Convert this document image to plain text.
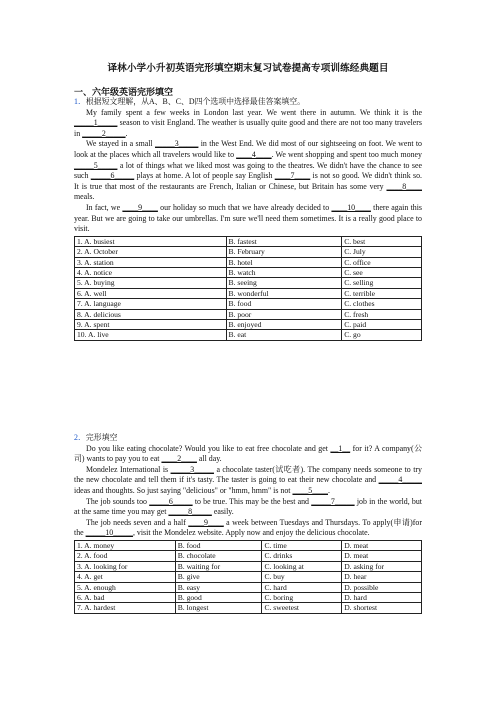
译林小学小升初英语完形填空期末复习试卷提高专项训练经典题目
一、六年级英语完形填空

1．根据短文理解，从A、B、C、D四个选项中选择最佳答案填空。

My family spent a few weeks in London last year. We went there in autumn. We think it is the _____1_____ season to visit England. The weather is usually quite good and there are not too many travelers in _____2_____.

We stayed in a small _____3_____ in the West End. We did most of our sightseeing on foot. We went to look at the places which all travelers would like to ____4____. We went shopping and spent too much money _____5_____ a lot of things what we liked most was going to the theatres. We didn't have the chance to see such _____6_____ plays at home. A lot of people say English ____7____ is not so good. We didn't think so. It is true that most of the restaurants are French, Italian or Chinese, but Britain has some very ____8____ meals.

In fact, we ____9____ our holiday so much that we have already decided to ____10____ there again this year. But we are going to take our umbrellas. I'm sure we'll need them sometimes. It is a really good place to visit.

1. A. busiest	B. fastest	C. best
2. A. October	B. February	C. July
3. A. station	B. hotel	C. office
4. A. notice	B. watch	C. see
5. A. buying	B. seeing	C. selling
6. A. well	B. wonderful	C. terrible
7. A. language	B. food	C. clothes
8. A. delicious	B. poor	C. fresh
9. A. spent	B. enjoyed	C. paid
10. A. live	B. eat	C. go

2．完形填空

Do you like eating chocolate? Would you like to eat free chocolate and get __1__ for it? A company(公司) wants to pay you to eat ____2____ all day.

Mondelez International is _____3_____ a chocolate taster(试吃者). The company needs someone to try the new chocolate and tell them if it's tasty. The taster is going to eat their new chocolate and _____4_____ ideas and thoughts. So just saying "delicious" or "hmm, hmm" is not ____5____.

The job sounds too _____6_____ to be true. This may be the best and _____7_____ job in the world, but at the same time you may get _____8_____ easily.

The job needs seven and a half ____9____ a week between Tuesdays and Thursdays. To apply(申请)for the _____10_____, visit the Mondelez website. Apply now and enjoy the delicious chocolate.

1. A. money	B. food	C. time	D. meat
2. A. food	B. chocolate	C. drinks	D. meat
3. A. looking for	B. waiting for	C. looking at	D. asking for
4. A. get	B. give	C. buy	D. hear
5. A. enough	B. easy	C. hard	D. possible
6. A. bad	B. good	C. boring	D. hard
7. A. hardest	B. longest	C. sweetest	D. shortest
